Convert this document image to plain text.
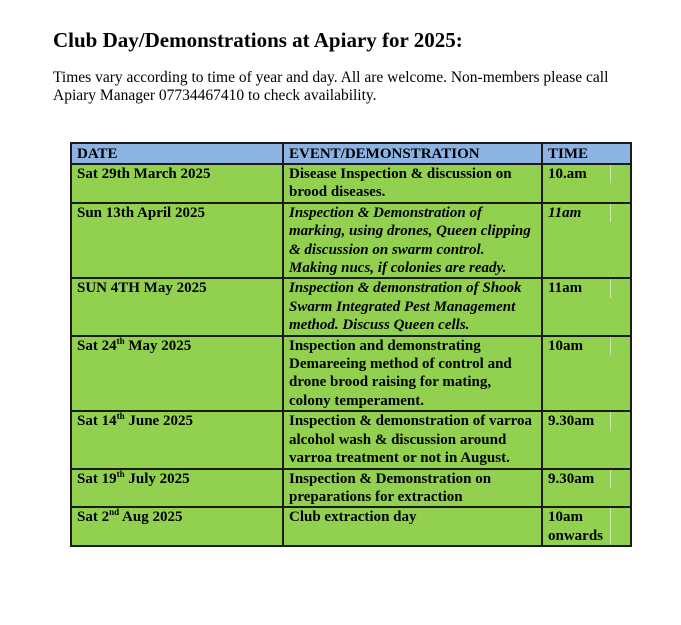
Club Day/Demonstrations at Apiary for 2025:

Times vary according to time of year and day. All are welcome. Non-members please call Apiary Manager 07734467410 to check availability.

DATE	EVENT/DEMONSTRATION	TIME
Sat 29th March 2025	Disease Inspection & discussion on brood diseases.	10.am
Sun 13th April 2025	Inspection & Demonstration of marking, using drones, Queen clipping & discussion on swarm control. Making nucs, if colonies are ready.	11am
SUN 4TH May 2025	Inspection & demonstration of Shook Swarm Integrated Pest Management method. Discuss Queen cells.	11am
Sat 24th May 2025	Inspection and demonstrating Demareeing method of control and drone brood raising for mating, colony temperament.	10am
Sat 14th June 2025	Inspection & demonstration of varroa alcohol wash & discussion around varroa treatment or not in August.	9.30am
Sat 19th July 2025	Inspection & Demonstration on preparations for extraction	9.30am
Sat 2nd Aug 2025	Club extraction day	10am onwards
